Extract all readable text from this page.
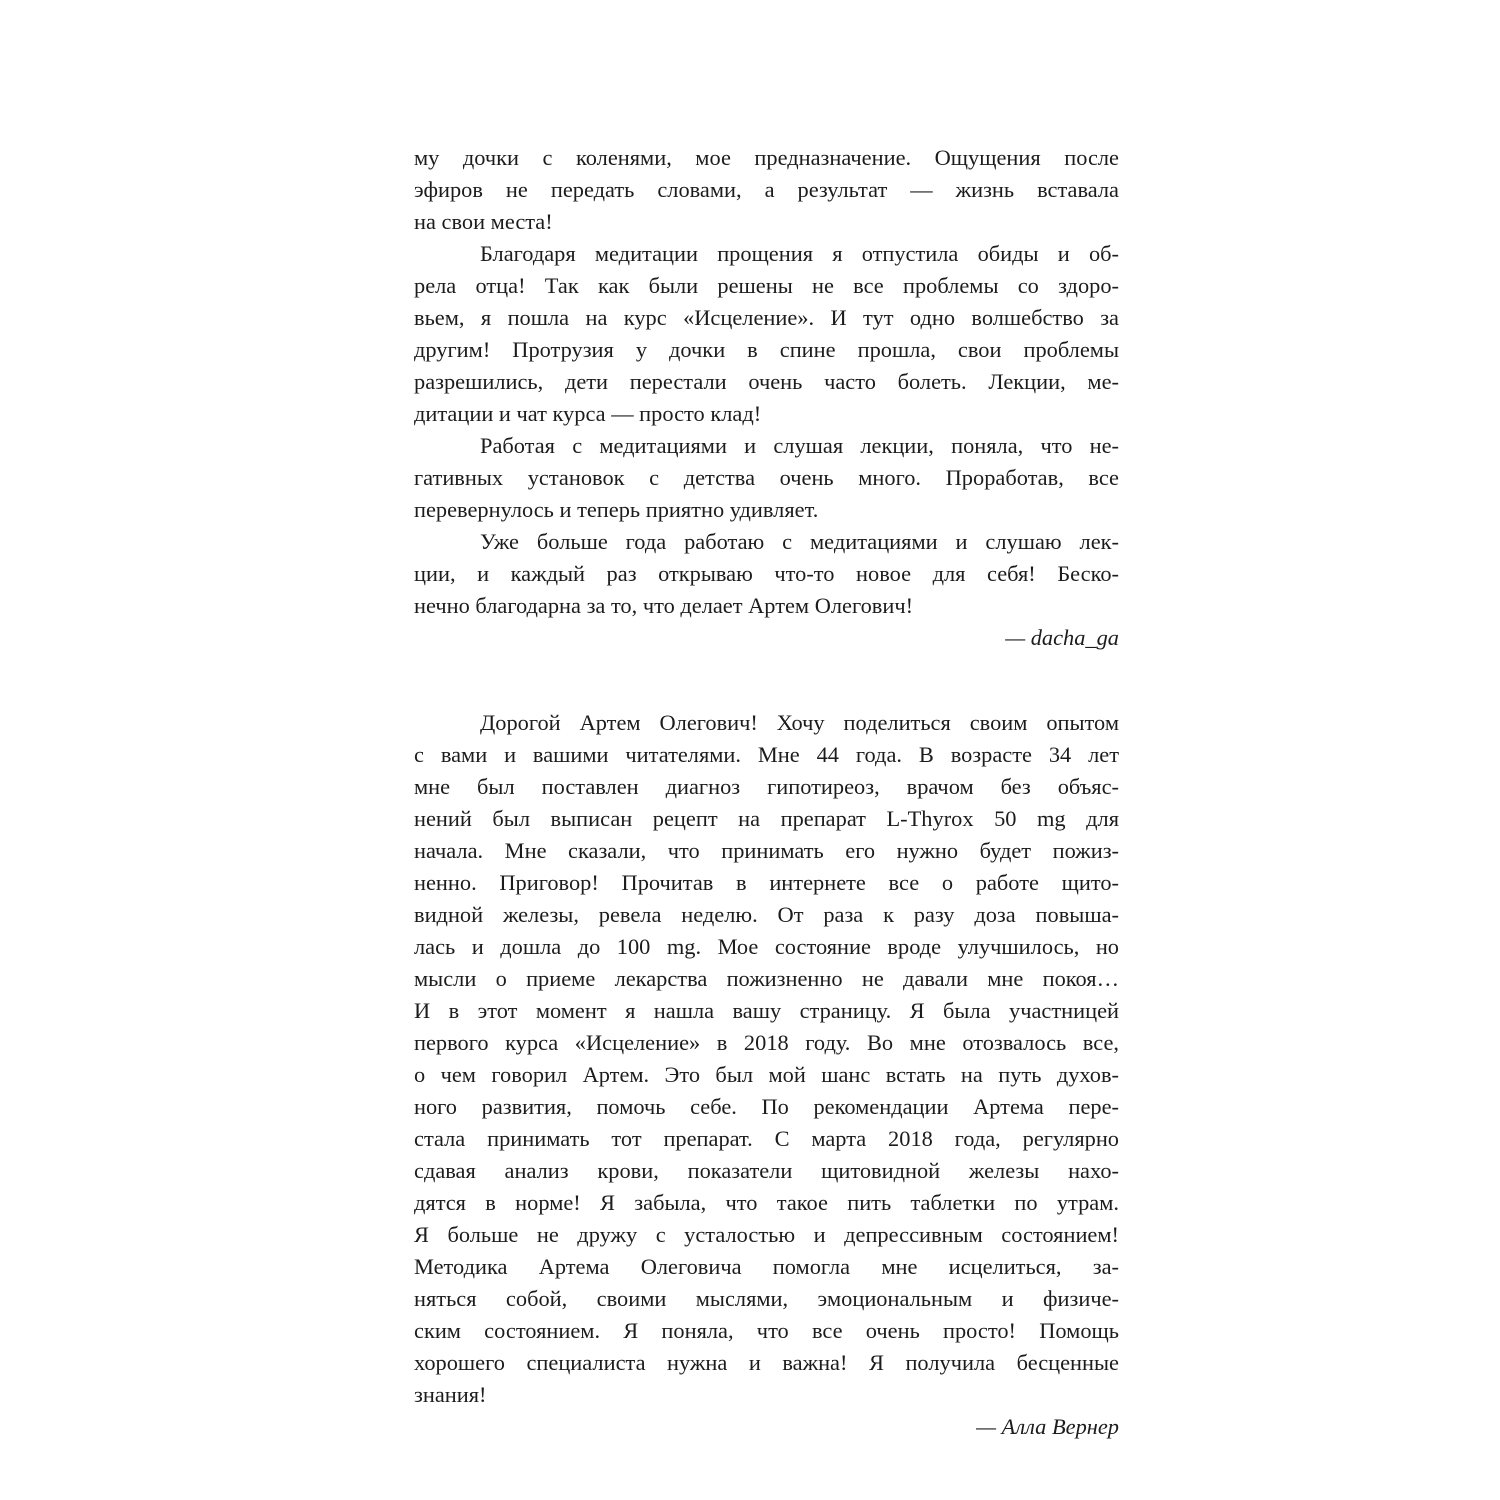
му дочки с коленями, мое предназначение. Ощущения после
эфиров не передать словами, а результат — жизнь вставала
на свои места!
Благодаря медитации прощения я отпустила обиды и об-
рела отца! Так как были решены не все проблемы со здоро-
вьем, я пошла на курс «Исцеление». И тут одно волшебство за
другим! Протрузия у дочки в спине прошла, свои проблемы
разрешились, дети перестали очень часто болеть. Лекции, ме-
дитации и чат курса — просто клад!
Работая с медитациями и слушая лекции, поняла, что не-
гативных установок с детства очень много. Проработав, все
перевернулось и теперь приятно удивляет.
Уже больше года работаю с медитациями и слушаю лек-
ции, и каждый раз открываю что-то новое для себя! Беско-
нечно благодарна за то, что делает Артем Олегович!
— dacha_ga
Дорогой Артем Олегович! Хочу поделиться своим опытом
с вами и вашими читателями. Мне 44 года. В возрасте 34 лет
мне был поставлен диагноз гипотиреоз, врачом без объяс-
нений был выписан рецепт на препарат L-Thyrox 50 mg для
начала. Мне сказали, что принимать его нужно будет пожиз-
ненно. Приговор! Прочитав в интернете все о работе щито-
видной железы, ревела неделю. От раза к разу доза повыша-
лась и дошла до 100 mg. Мое состояние вроде улучшилось, но
мысли о приеме лекарства пожизненно не давали мне покоя…
И в этот момент я нашла вашу страницу. Я была участницей
первого курса «Исцеление» в 2018 году. Во мне отозвалось все,
о чем говорил Артем. Это был мой шанс встать на путь духов-
ного развития, помочь себе. По рекомендации Артема пере-
стала принимать тот препарат. С марта 2018 года, регулярно
сдавая анализ крови, показатели щитовидной железы нахо-
дятся в норме! Я забыла, что такое пить таблетки по утрам.
Я больше не дружу с усталостью и депрессивным состоянием!
Методика Артема Олеговича помогла мне исцелиться, за-
няться собой, своими мыслями, эмоциональным и физиче-
ским состоянием. Я поняла, что все очень просто! Помощь
хорошего специалиста нужна и важна! Я получила бесценные
знания!
— Алла Вернер
